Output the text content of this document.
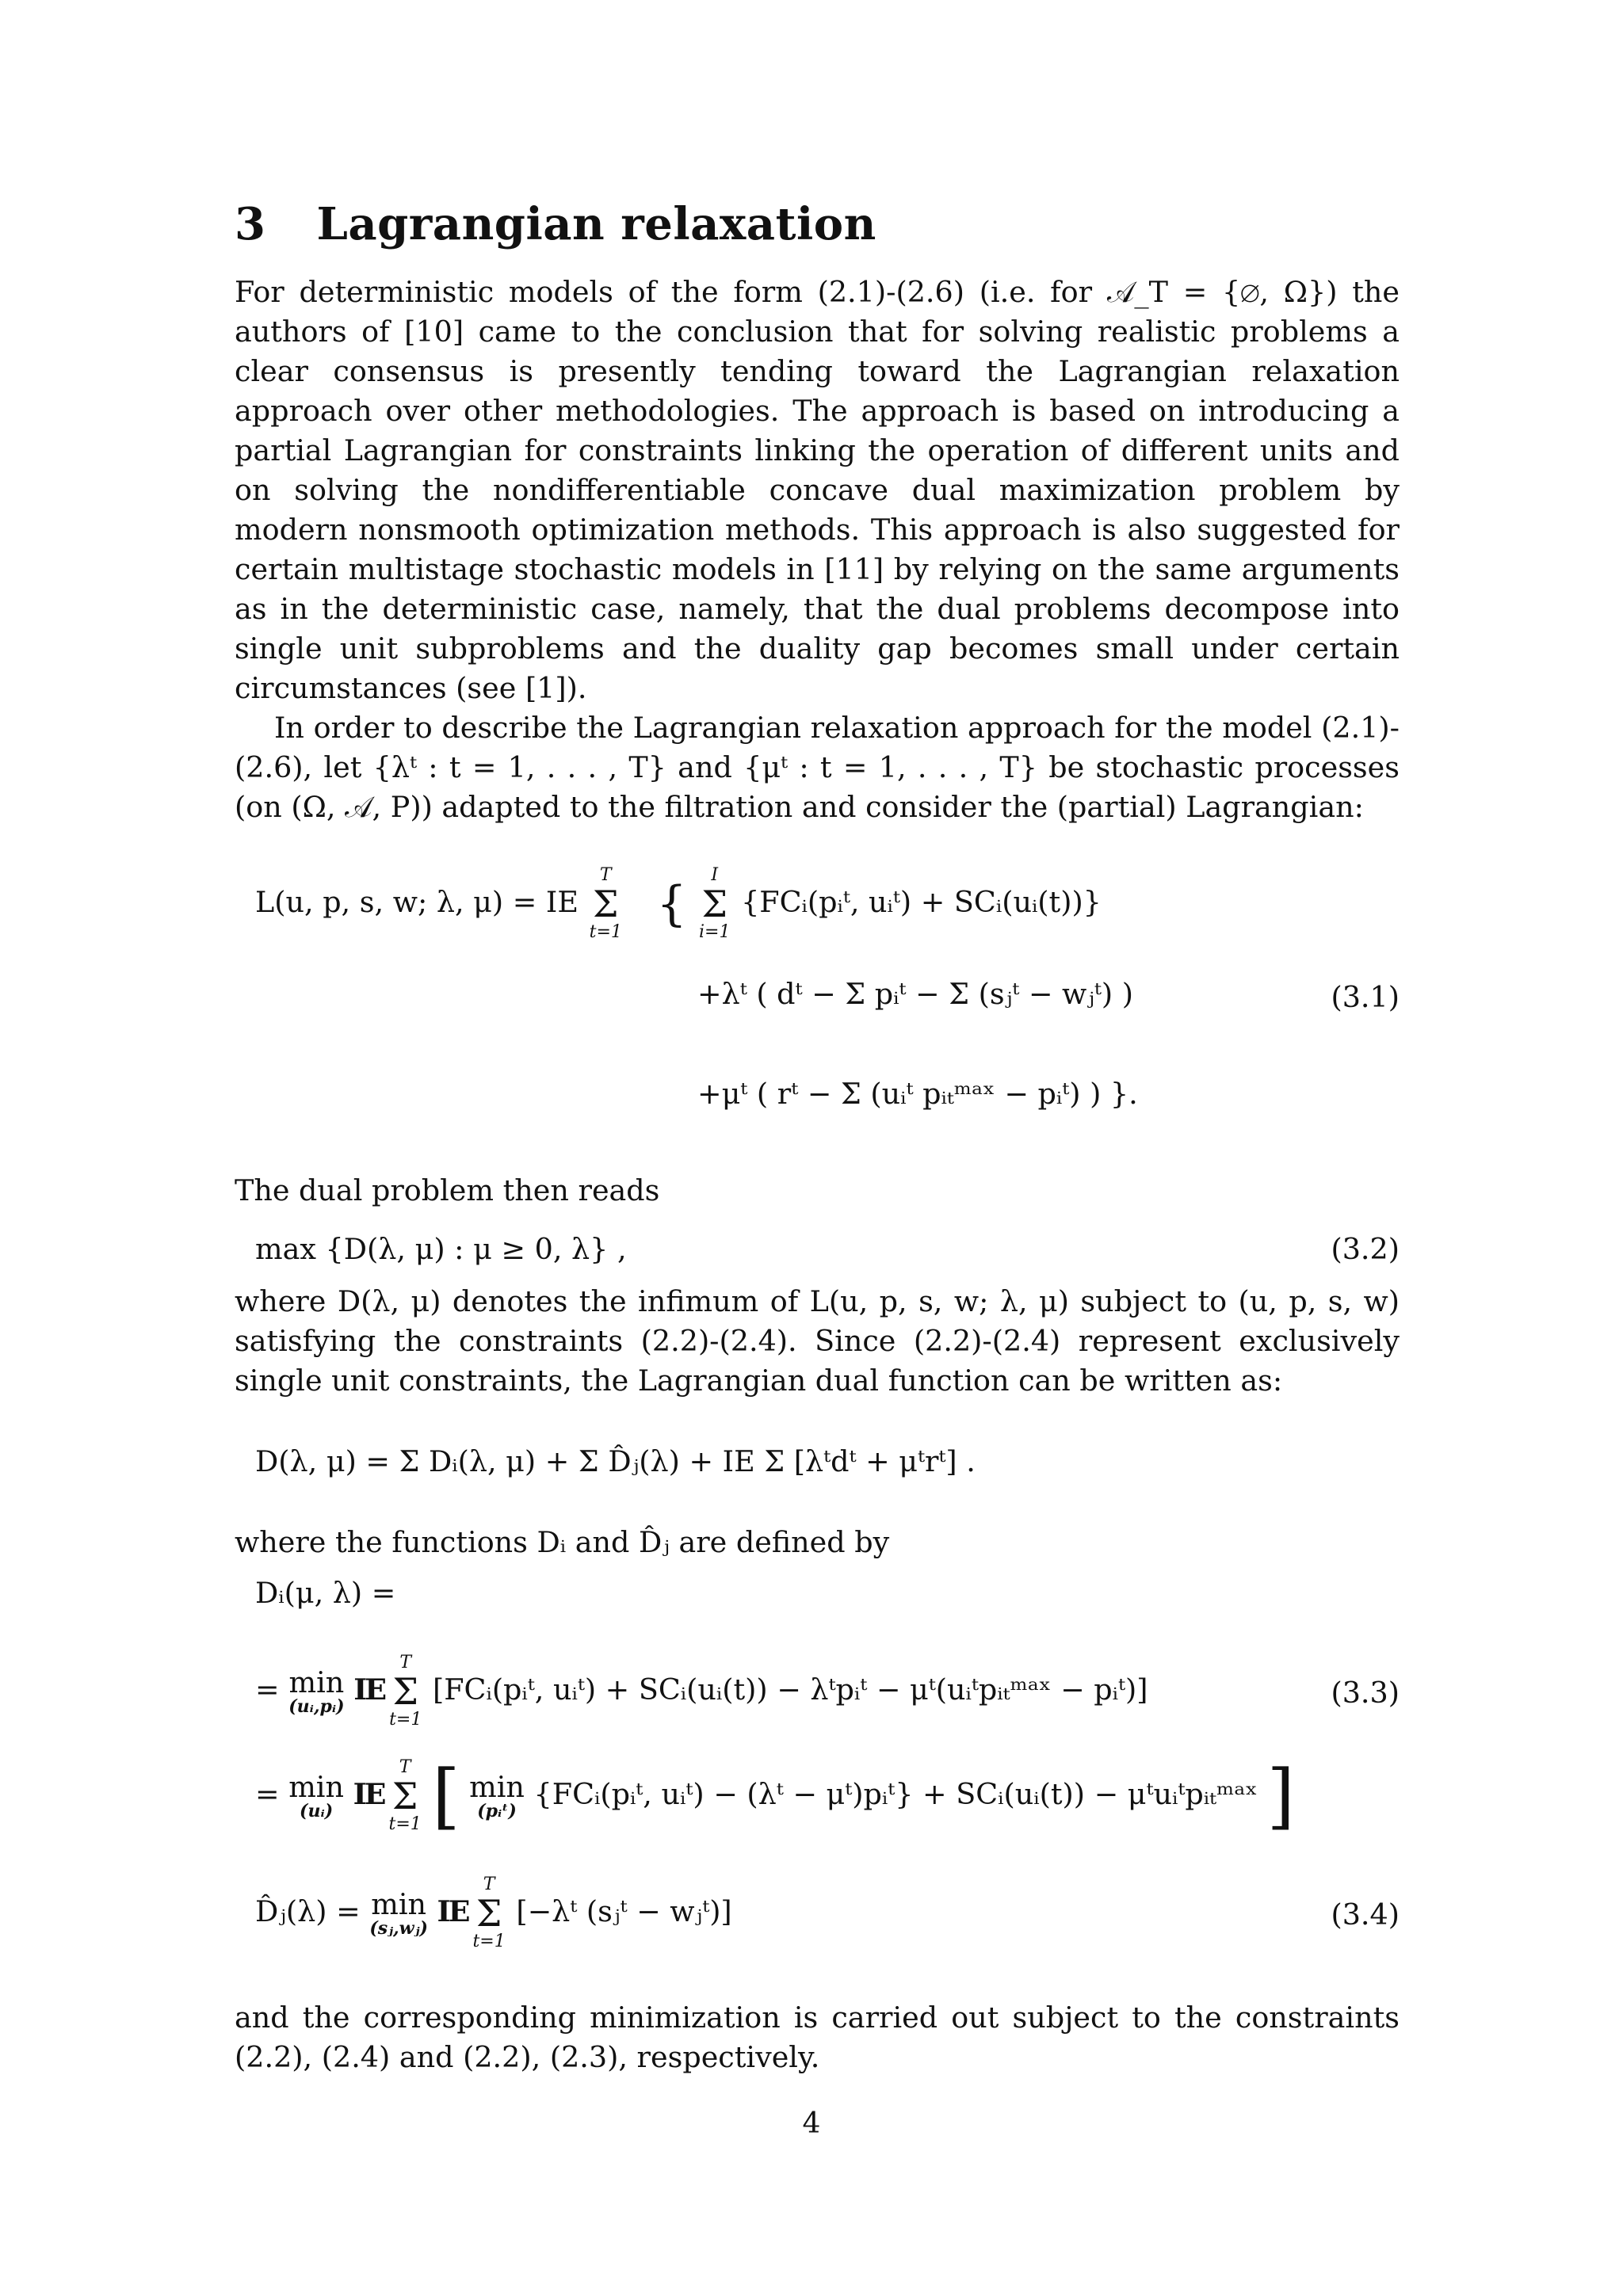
3 Lagrangian relaxation

For deterministic models of the form (2.1)-(2.6) (i.e. for 𝒜_T = {∅, Ω}) the authors of [10] came to the conclusion that for solving realistic problems a clear consensus is presently tending toward the Lagrangian relaxation approach over other methodologies. The approach is based on introducing a partial Lagrangian for constraints linking the operation of different units and on solving the nondifferentiable concave dual maximization problem by modern nonsmooth optimization methods. This approach is also suggested for certain multistage stochastic models in [11] by relying on the same arguments as in the deterministic case, namely, that the dual problems decompose into single unit subproblems and the duality gap becomes small under certain circumstances (see [1]).

In order to describe the Lagrangian relaxation approach for the model (2.1)-(2.6), let {λᵗ : t = 1, . . . , T} and {μᵗ : t = 1, . . . , T} be stochastic processes (on (Ω, 𝒜, P)) adapted to the filtration and consider the (partial) Lagrangian:

L(u, p, s, w; λ, μ) = IE
T
Σ
t=1
{
I
Σ
i=1
{FCᵢ(pᵢᵗ, uᵢᵗ) + SCᵢ(uᵢ(t))}
+λᵗ ( dᵗ − Σ pᵢᵗ − Σ (sⱼᵗ − wⱼᵗ) )
+μᵗ ( rᵗ − Σ (uᵢᵗ pᵢₜᵐᵃˣ − pᵢᵗ) ) }.
(3.1)

The dual problem then reads

max {D(λ, μ) : μ ≥ 0, λ} ,	(3.2)

where D(λ, μ) denotes the infimum of L(u, p, s, w; λ, μ) subject to (u, p, s, w) satisfying the constraints (2.2)-(2.4). Since (2.2)-(2.4) represent exclusively single unit constraints, the Lagrangian dual function can be written as:

D(λ, μ) = Σ Dᵢ(λ, μ) + Σ D̂ⱼ(λ) + IE Σ [λᵗdᵗ + μᵗrᵗ] .

where the functions Dᵢ and D̂ⱼ are defined by

Dᵢ(μ, λ) =
= min
(uᵢ,pᵢ) IE
T
Σ
t=1
[FCᵢ(pᵢᵗ, uᵢᵗ) + SCᵢ(uᵢ(t)) − λᵗpᵢᵗ − μᵗ(uᵢᵗpᵢₜᵐᵃˣ − pᵢᵗ)]	(3.3)
= min
(uᵢ) IE
T
Σ
t=1 [ min
(pᵢᵗ) {FCᵢ(pᵢᵗ, uᵢᵗ) − (λᵗ − μᵗ)pᵢᵗ} + SCᵢ(uᵢ(t)) − μᵗuᵢᵗpᵢₜᵐᵃˣ ]
D̂ⱼ(λ) = min
(sⱼ,wⱼ) IE
T
Σ
t=1
[−λᵗ (sⱼᵗ − wⱼᵗ)]	(3.4)

and the corresponding minimization is carried out subject to the constraints (2.2), (2.4) and (2.2), (2.3), respectively.

4
